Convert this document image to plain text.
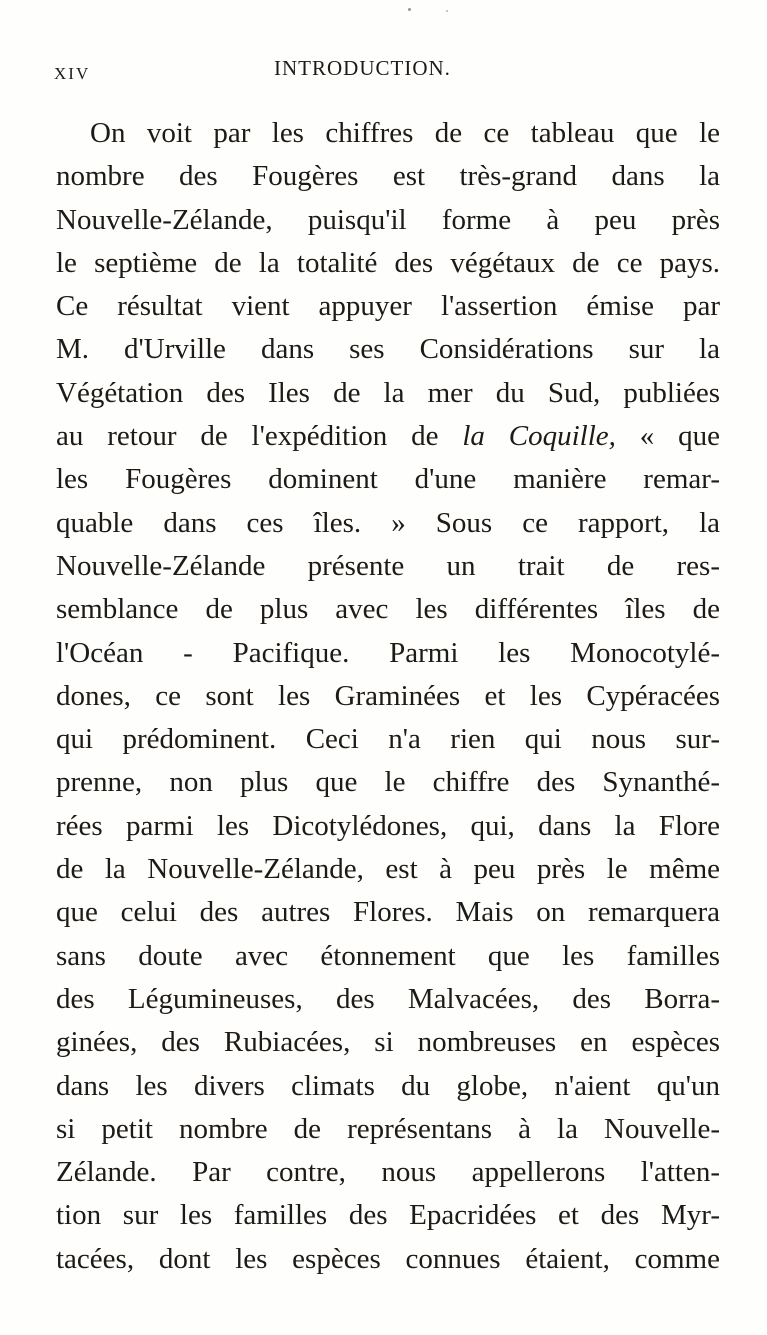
XIV	INTRODUCTION.
On voit par les chiffres de ce tableau que le
nombre des Fougères est très-grand dans la
Nouvelle-Zélande, puisqu'il forme à peu près
le septième de la totalité des végétaux de ce pays.
Ce résultat vient appuyer l'assertion émise par
M. d'Urville dans ses Considérations sur la
Végétation des Iles de la mer du Sud, publiées
au retour de l'expédition de la Coquille, « que
les Fougères dominent d'une manière remar-
quable dans ces îles. » Sous ce rapport, la
Nouvelle-Zélande présente un trait de res-
semblance de plus avec les différentes îles de
l'Océan - Pacifique. Parmi les Monocotylé-
dones, ce sont les Graminées et les Cypéracées
qui prédominent. Ceci n'a rien qui nous sur-
prenne, non plus que le chiffre des Synanthé-
rées parmi les Dicotylédones, qui, dans la Flore
de la Nouvelle-Zélande, est à peu près le même
que celui des autres Flores. Mais on remarquera
sans doute avec étonnement que les familles
des Légumineuses, des Malvacées, des Borra-
ginées, des Rubiacées, si nombreuses en espèces
dans les divers climats du globe, n'aient qu'un
si petit nombre de représentans à la Nouvelle-
Zélande. Par contre, nous appellerons l'atten-
tion sur les familles des Epacridées et des Myr-
tacées, dont les espèces connues étaient, comme
